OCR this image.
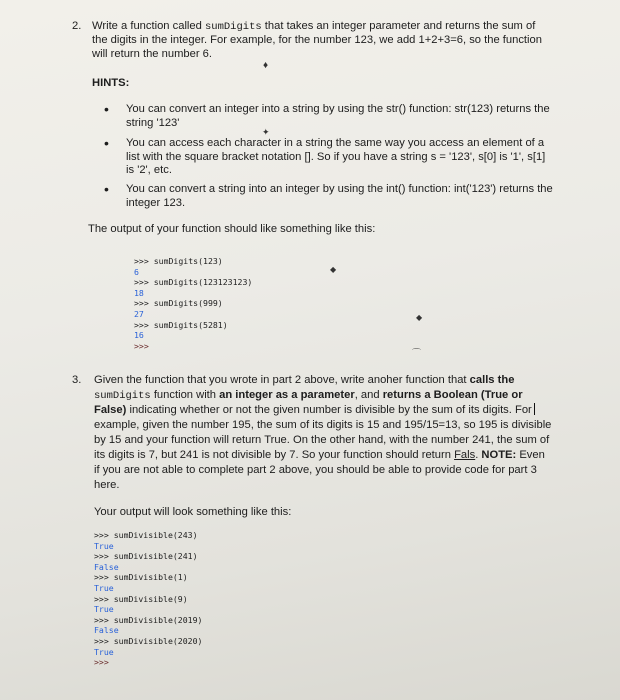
2. Write a function called sumDigits that takes an integer parameter and returns the sum of
the digits in the integer. For example, for the number 123, we add 1+2+3=6, so the function
will return the number 6.
HINTS:
• You can convert an integer into a string by using the str() function: str(123) returns the
string '123'
• You can access each character in a string the same way you access an element of a
list with the square bracket notation []. So if you have a string s = '123', s[0] is '1', s[1]
is '2', etc.
• You can convert a string into an integer by using the int() function: int('123') returns the
integer 123.
The output of your function should like something like this:
>>> sumDigits(123)
6
>>> sumDigits(123123123)
18
>>> sumDigits(999)
27
>>> sumDigits(5281)
16
>>>
3. Given the function that you wrote in part 2 above, write anoher function that calls the
sumDigits function with an integer as a parameter, and returns a Boolean (True or
False) indicating whether or not the given number is divisible by the sum of its digits. For
example, given the number 195, the sum of its digits is 15 and 195/15=13, so 195 is divisible
by 15 and your function will return True. On the other hand, with the number 241, the sum of
its digits is 7, but 241 is not divisible by 7. So your function should return Fals. NOTE: Even
if you are not able to complete part 2 above, you should be able to provide code for part 3
here.
Your output will look something like this:
>>> sumDivisible(243)
True
>>> sumDivisible(241)
False
>>> sumDivisible(1)
True
>>> sumDivisible(9)
True
>>> sumDivisible(2019)
False
>>> sumDivisible(2020)
True
>>>
♦
✦
◆
◆
⌒
